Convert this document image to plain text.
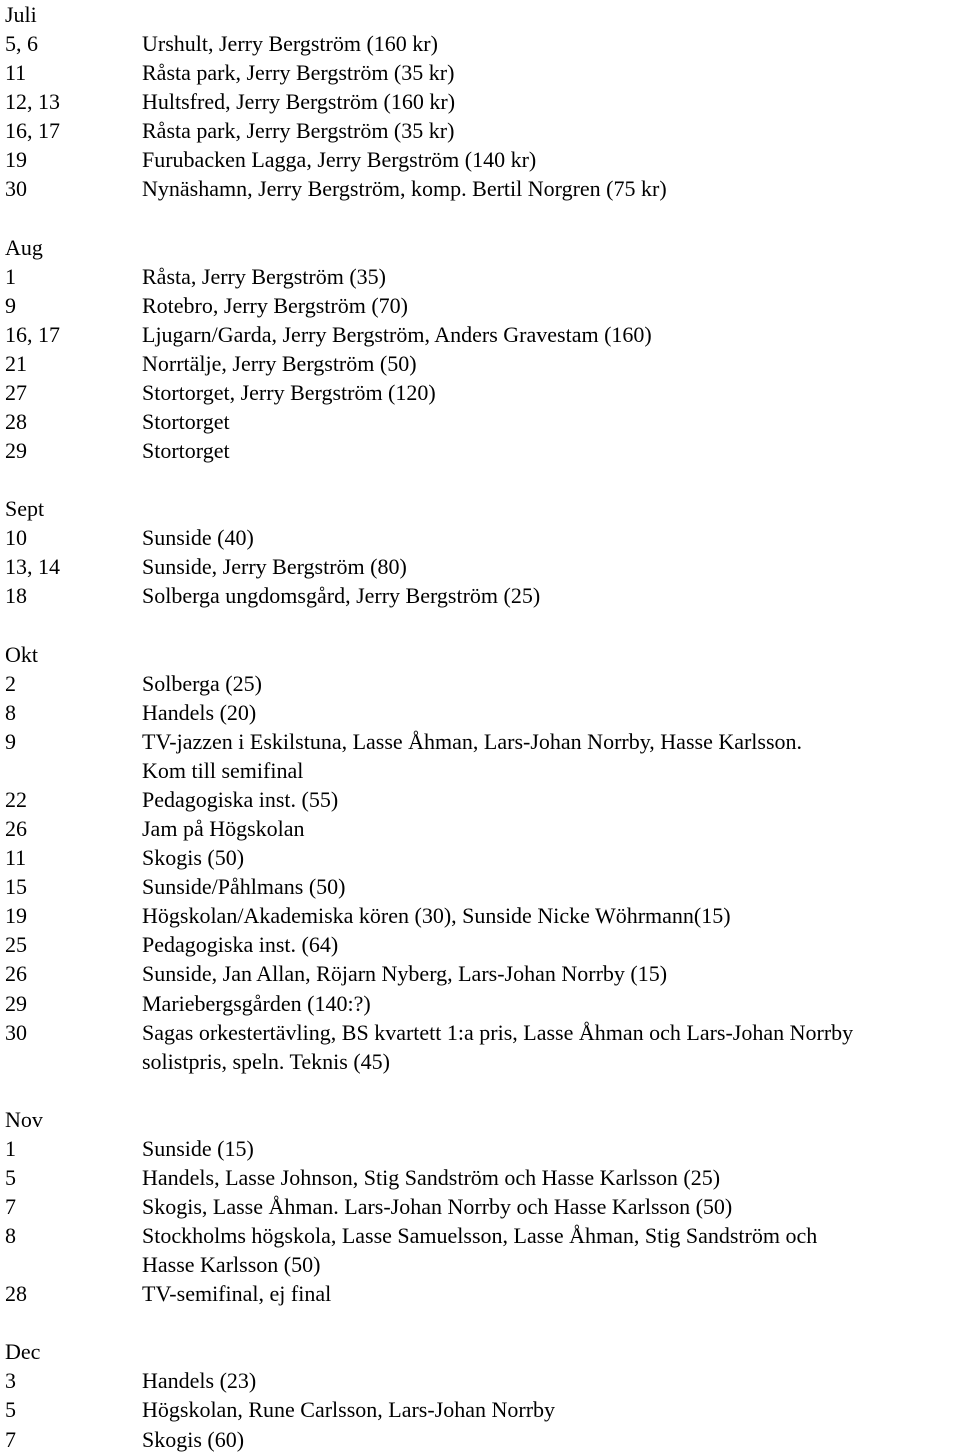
Juli
5, 6	Urshult, Jerry Bergström (160 kr)
11	Råsta park, Jerry Bergström (35 kr)
12, 13	Hultsfred, Jerry Bergström (160 kr)
16, 17	Råsta park, Jerry Bergström (35 kr)
19	Furubacken Lagga, Jerry Bergström (140 kr)
30	Nynäshamn, Jerry Bergström, komp. Bertil Norgren (75 kr)
Aug
1	Råsta, Jerry Bergström (35)
9	Rotebro, Jerry Bergström (70)
16, 17	Ljugarn/Garda, Jerry Bergström, Anders Gravestam (160)
21	Norrtälje, Jerry Bergström (50)
27	Stortorget, Jerry Bergström (120)
28	Stortorget
29	Stortorget
Sept
10	Sunside (40)
13, 14	Sunside, Jerry Bergström (80)
18	Solberga ungdomsgård, Jerry Bergström (25)
Okt
2	Solberga (25)
8	Handels (20)
9	TV-jazzen i Eskilstuna, Lasse Åhman, Lars-Johan Norrby, Hasse Karlsson.
Kom till semifinal
22	Pedagogiska inst. (55)
26	Jam på Högskolan
11	Skogis (50)
15	Sunside/Påhlmans (50)
19	Högskolan/Akademiska kören (30), Sunside Nicke Wöhrmann(15)
25	Pedagogiska inst. (64)
26	Sunside, Jan Allan, Röjarn Nyberg, Lars-Johan Norrby (15)
29	Mariebergsgården (140:?)
30	Sagas orkestertävling, BS kvartett 1:a pris, Lasse Åhman och Lars-Johan Norrby
solistpris, speln. Teknis (45)
Nov
1	Sunside (15)
5	Handels, Lasse Johnson, Stig Sandström och Hasse Karlsson (25)
7	Skogis, Lasse Åhman. Lars-Johan Norrby och Hasse Karlsson (50)
8	Stockholms högskola, Lasse Samuelsson, Lasse Åhman, Stig Sandström och
Hasse Karlsson (50)
28	TV-semifinal, ej final
Dec
3	Handels (23)
5	Högskolan, Rune Carlsson, Lars-Johan Norrby
7	Skogis (60)
